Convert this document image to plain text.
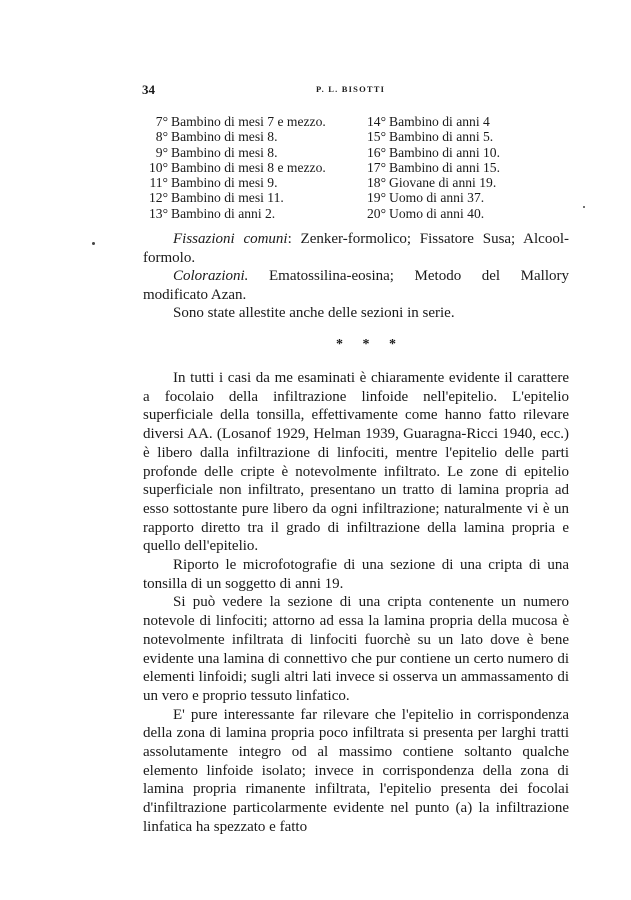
34	P. L. BISOTTI
7° Bambino di mesi 7 e mezzo.
8° Bambino di mesi 8.
9° Bambino di mesi 8.
10° Bambino di mesi 8 e mezzo.
11° Bambino di mesi 9.
12° Bambino di mesi 11.
13° Bambino di anni 2.
14° Bambino di anni 4
15° Bambino di anni 5.
16° Bambino di anni 10.
17° Bambino di anni 15.
18° Giovane di anni 19.
19° Uomo di anni 37.
20° Uomo di anni 40.

Fissazioni comuni: Zenker-formolico; Fissatore Susa; Alcool-formolo.

Colorazioni. Ematossilina-eosina; Metodo del Mallory modificato Azan.

Sono state allestite anche delle sezioni in serie.

* * *

In tutti i casi da me esaminati è chiaramente evidente il carattere a focolaio della infiltrazione linfoide nell'epitelio. L'epitelio superficiale della tonsilla, effettivamente come hanno fatto rilevare diversi AA. (Losanof 1929, Helman 1939, Guaragna-Ricci 1940, ecc.) è libero dalla infiltrazione di linfociti, mentre l'epitelio delle parti profonde delle cripte è notevolmente infiltrato. Le zone di epitelio superficiale non infiltrato, presentano un tratto di lamina propria ad esso sottostante pure libero da ogni infiltrazione; naturalmente vi è un rapporto diretto tra il grado di infiltrazione della lamina propria e quello dell'epitelio.

Riporto le microfotografie di una sezione di una cripta di una tonsilla di un soggetto di anni 19.

Si può vedere la sezione di una cripta contenente un numero notevole di linfociti; attorno ad essa la lamina propria della mucosa è notevolmente infiltrata di linfociti fuorchè su un lato dove è bene evidente una lamina di connettivo che pur contiene un certo numero di elementi linfoidi; sugli altri lati invece si osserva un ammassamento di un vero e proprio tessuto linfatico.

E' pure interessante far rilevare che l'epitelio in corrispondenza della zona di lamina propria poco infiltrata si presenta per larghi tratti assolutamente integro od al massimo contiene soltanto qualche elemento linfoide isolato; invece in corrispondenza della zona di lamina propria rimanente infiltrata, l'epitelio presenta dei focolai d'infiltrazione particolarmente evidente nel punto (a) la infiltrazione linfatica ha spezzato e fatto
